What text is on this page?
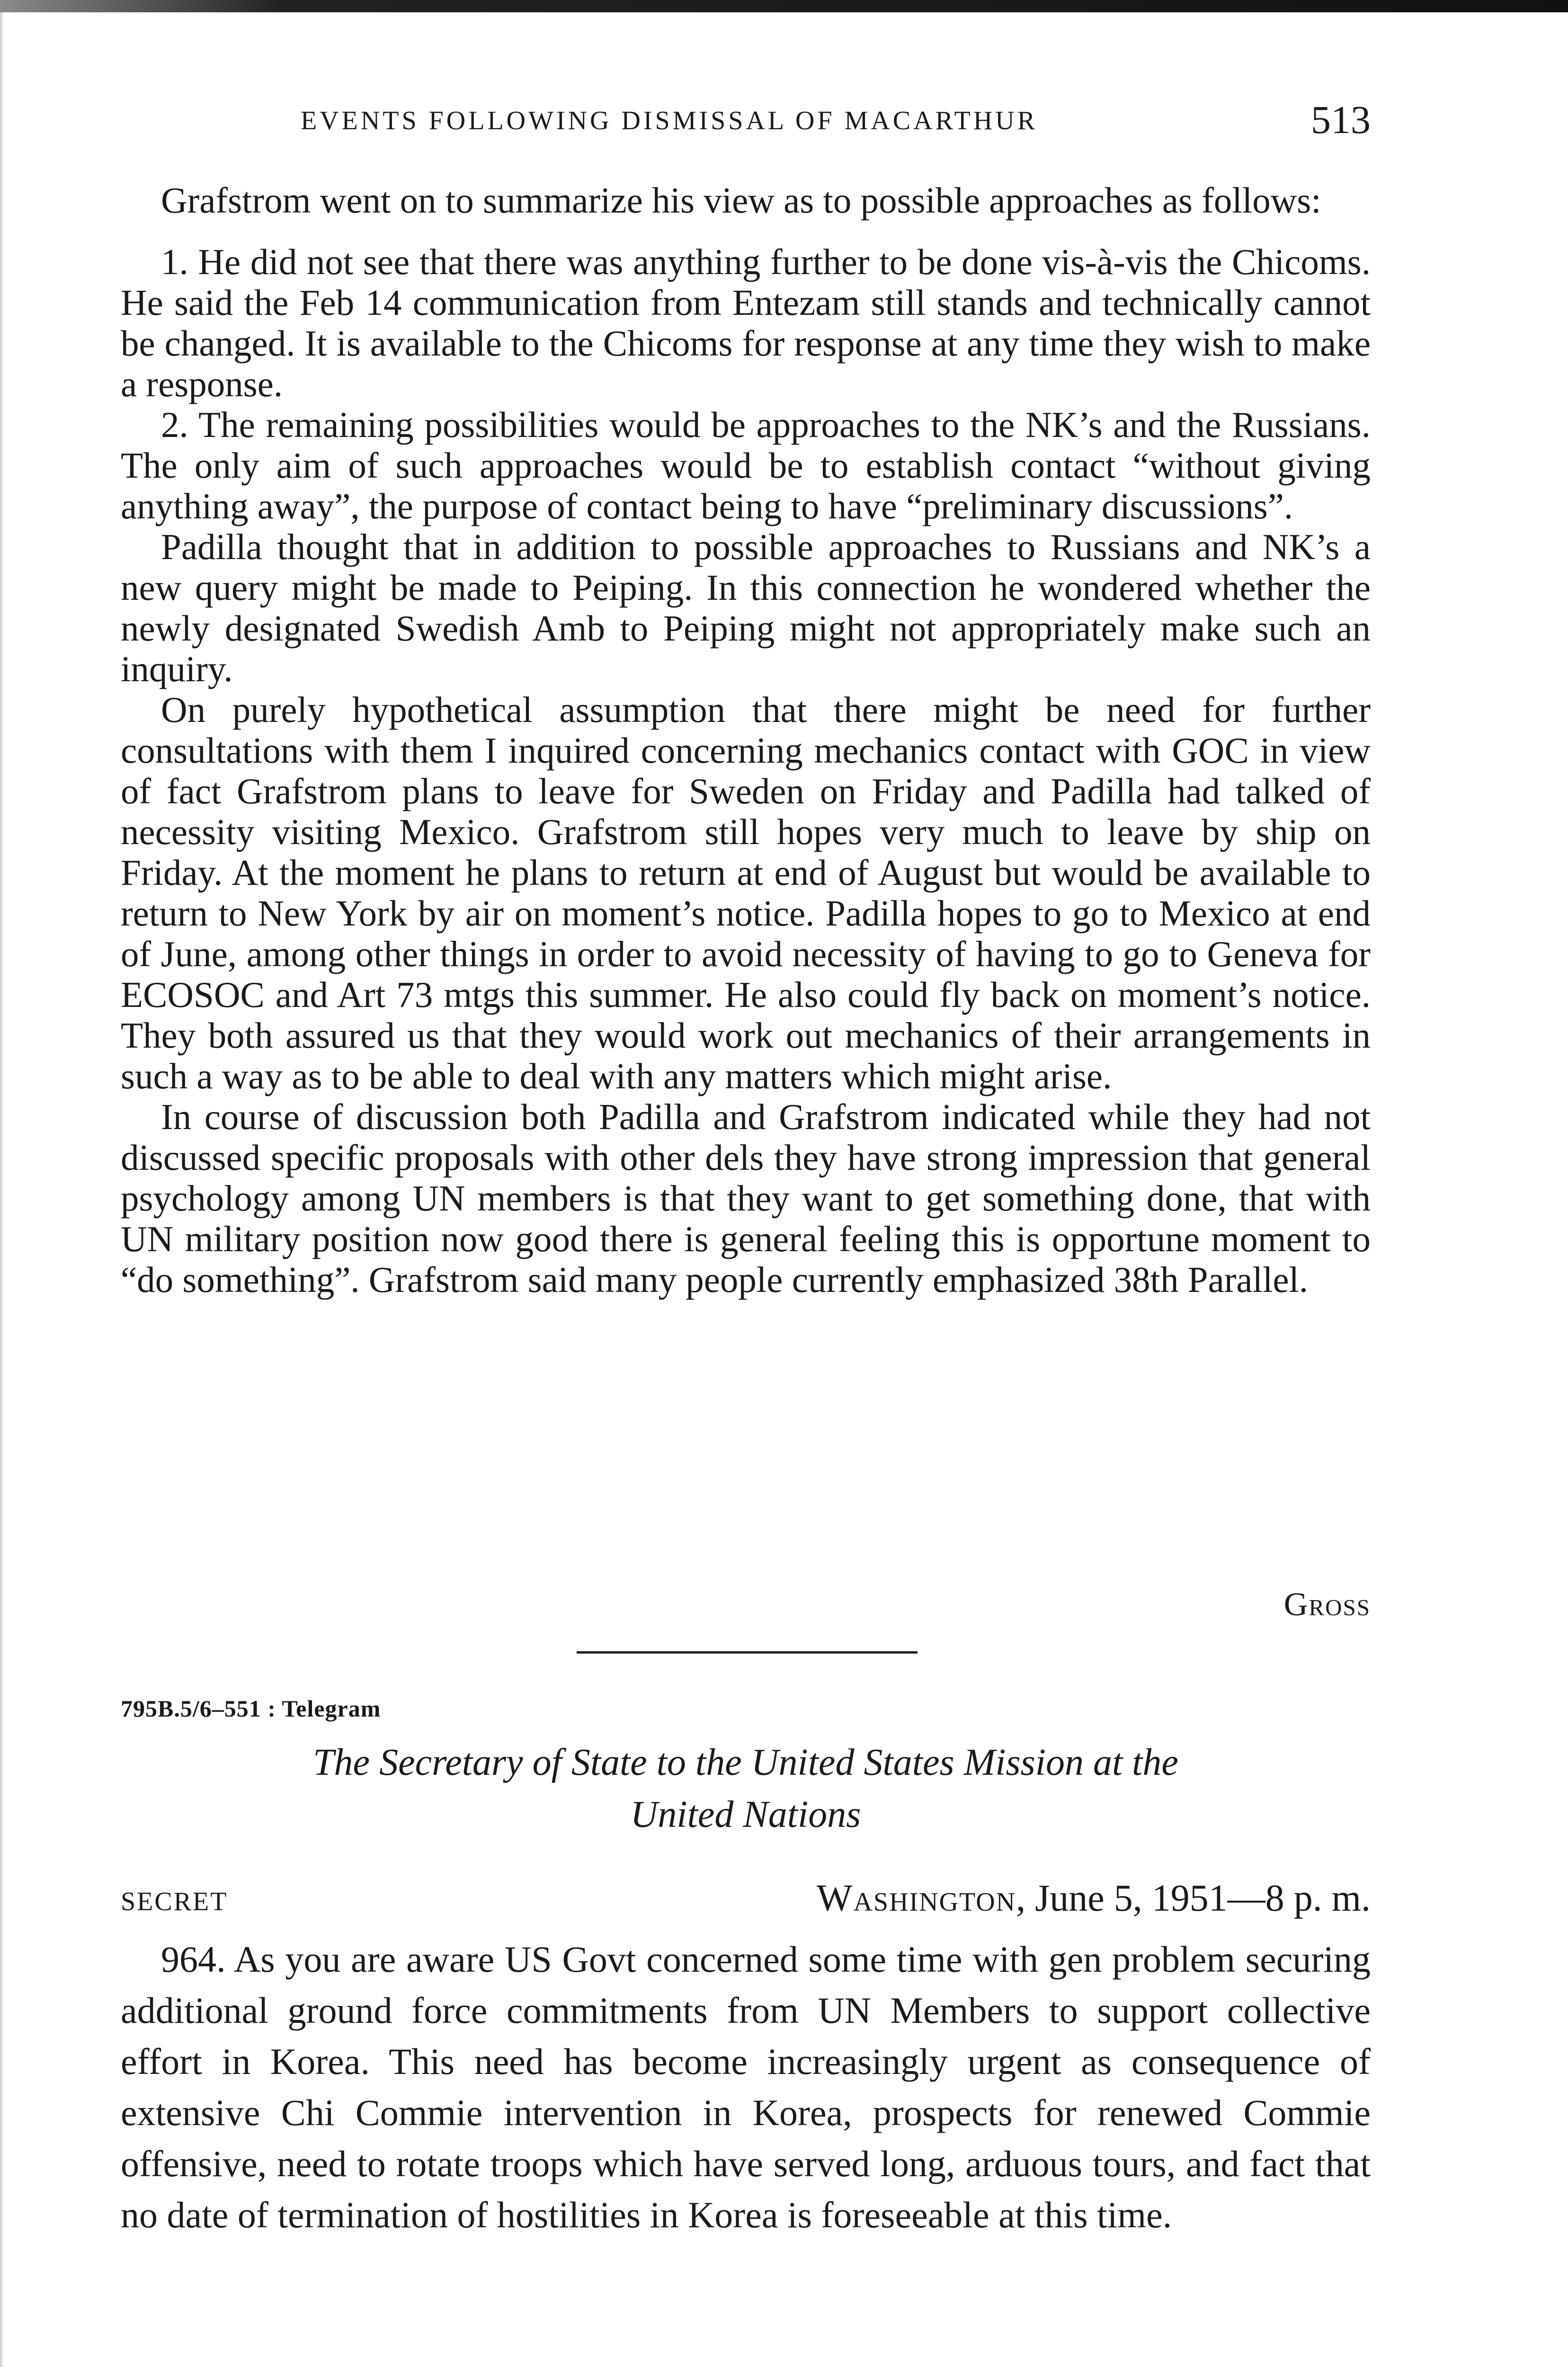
EVENTS FOLLOWING DISMISSAL OF MACARTHUR	513

Grafstrom went on to summarize his view as to possible approaches as follows:

1. He did not see that there was anything further to be done vis-à-vis the Chicoms. He said the Feb 14 communication from Entezam still stands and technically cannot be changed. It is available to the Chicoms for response at any time they wish to make a response.

2. The remaining possibilities would be approaches to the NK’s and the Russians. The only aim of such approaches would be to establish contact “without giving anything away”, the purpose of contact being to have “preliminary discussions”.

Padilla thought that in addition to possible approaches to Russians and NK’s a new query might be made to Peiping. In this connection he wondered whether the newly designated Swedish Amb to Peiping might not appropriately make such an inquiry.

On purely hypothetical assumption that there might be need for further consultations with them I inquired concerning mechanics contact with GOC in view of fact Grafstrom plans to leave for Sweden on Friday and Padilla had talked of necessity visiting Mexico. Grafstrom still hopes very much to leave by ship on Friday. At the moment he plans to return at end of August but would be available to return to New York by air on moment’s notice. Padilla hopes to go to Mexico at end of June, among other things in order to avoid necessity of having to go to Geneva for ECOSOC and Art 73 mtgs this summer. He also could fly back on moment’s notice. They both assured us that they would work out mechanics of their arrangements in such a way as to be able to deal with any matters which might arise.

In course of discussion both Padilla and Grafstrom indicated while they had not discussed specific proposals with other dels they have strong impression that general psychology among UN members is that they want to get something done, that with UN military position now good there is general feeling this is opportune moment to “do something”. Grafstrom said many people currently emphasized 38th Parallel.

Gross
795B.5/6–551 : Telegram
The Secretary of State to the United States Mission at the
United Nations
SECRET	Washington, June 5, 1951—8 p. m.

964. As you are aware US Govt concerned some time with gen problem securing additional ground force commitments from UN Members to support collective effort in Korea. This need has become increasingly urgent as consequence of extensive Chi Commie intervention in Korea, prospects for renewed Commie offensive, need to rotate troops which have served long, arduous tours, and fact that no date of termination of hostilities in Korea is foreseeable at this time.
